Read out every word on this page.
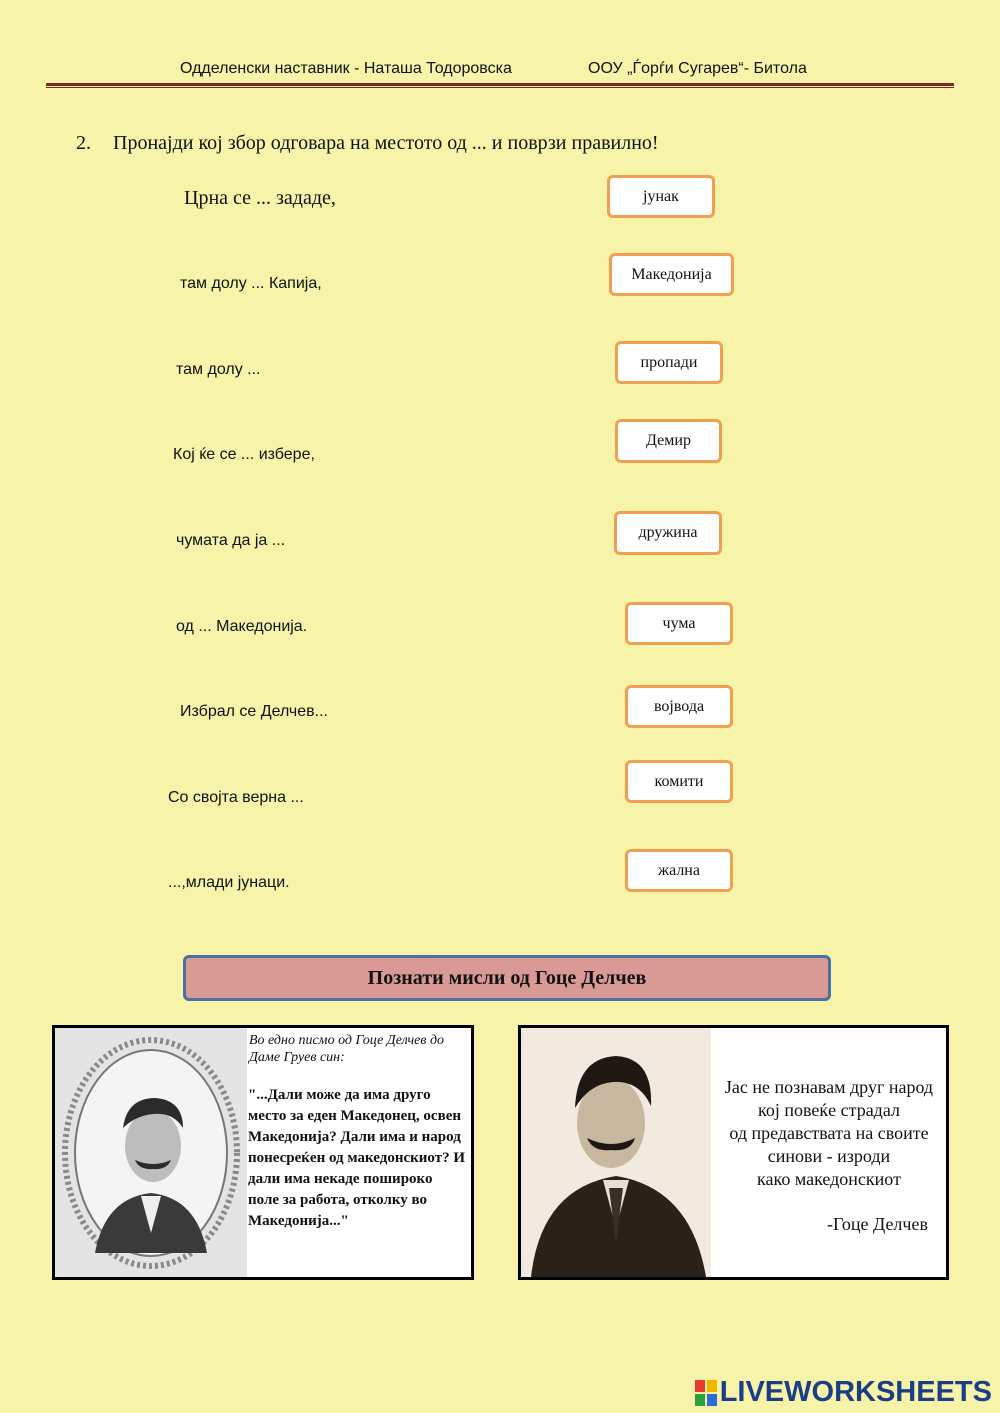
Одделенски наставник - Наташа Тодоровска	ООУ „Ѓорѓи Сугарев“- Битола
2. Пронајди кој збор одговара на местото од ... и поврзи правилно!
Црна се ... зададе,
там долу ... Капија,
там долу ...
Кој ќе се ... избере,
чумата да ја ...
од ... Македонија.
Избрал се Делчев...
Со својта верна ...
...,млади јунаци.
јунак
Македонија
пропади
Демир
дружина
чума
војвода
комити
жална
Познати мисли од Гоце Делчев
Во едно писмо од Гоце Делчев до
Даме Груев син:
"...Дали може да има друго
место за еден Македонец, освен
Македонија? Дали има и народ
понесреќен од македонскиот? И
дали има некаде поширoко
поле за работа, отколку во
Македонија..."
Јас не познавам друг народ
кој повеќе страдал
од предавствата на своите
синови - изроди
како македонскиот
-Гоце Делчев
LIVEWORKSHEETS
